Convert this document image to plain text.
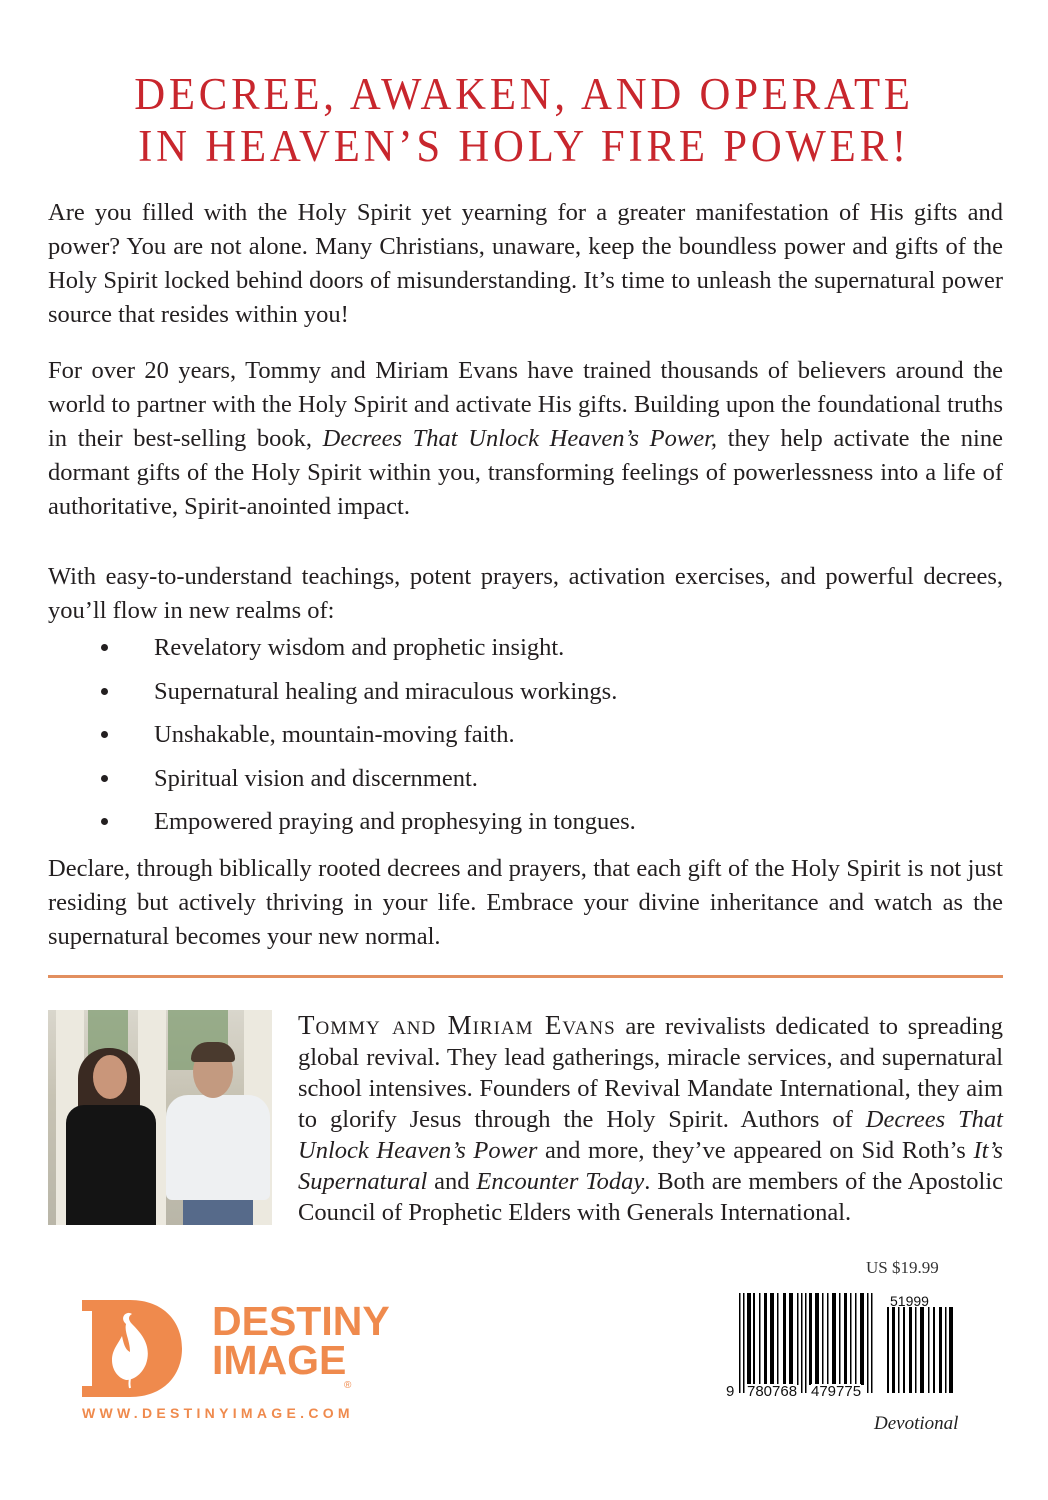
DECREE, AWAKEN, AND OPERATE
IN HEAVEN’S HOLY FIRE POWER!

Are you filled with the Holy Spirit yet yearning for a greater manifestation of His gifts and power? You are not alone. Many Christians, unaware, keep the boundless power and gifts of the Holy Spirit locked behind doors of misunderstanding. It’s time to unleash the supernatural power source that resides within you!

For over 20 years, Tommy and Miriam Evans have trained thousands of believers around the world to partner with the Holy Spirit and activate His gifts. Building upon the foundational truths in their best-selling book, Decrees That Unlock Heaven’s Power, they help activate the nine dormant gifts of the Holy Spirit within you, transforming feelings of powerlessness into a life of authoritative, Spirit-anointed impact.

With easy-to-understand teachings, potent prayers, activation exercises, and powerful decrees, you’ll flow in new realms of:

Revelatory wisdom and prophetic insight.
Supernatural healing and miraculous workings.
Unshakable, mountain-moving faith.
Spiritual vision and discernment.
Empowered praying and prophesying in tongues.

Declare, through biblically rooted decrees and prayers, that each gift of the Holy Spirit is not just residing but actively thriving in your life. Embrace your divine inheritance and watch as the supernatural becomes your new normal.

Tommy and Miriam Evans are revivalists dedicated to spreading global revival. They lead gatherings, miracle services, and supernatural school intensives. Founders of Revival Mandate International, they aim to glorify Jesus through the Holy Spirit. Authors of Decrees That Unlock Heaven’s Power and more, they’ve appeared on Sid Roth’s It’s Supernatural and Encounter Today. Both are members of the Apostolic Council of Prophetic Elders with Generals International.

DESTINY
IMAGE
®
WWW.DESTINYIMAGE.COM
US $19.99
9 780768 479775
51999
Devotional
